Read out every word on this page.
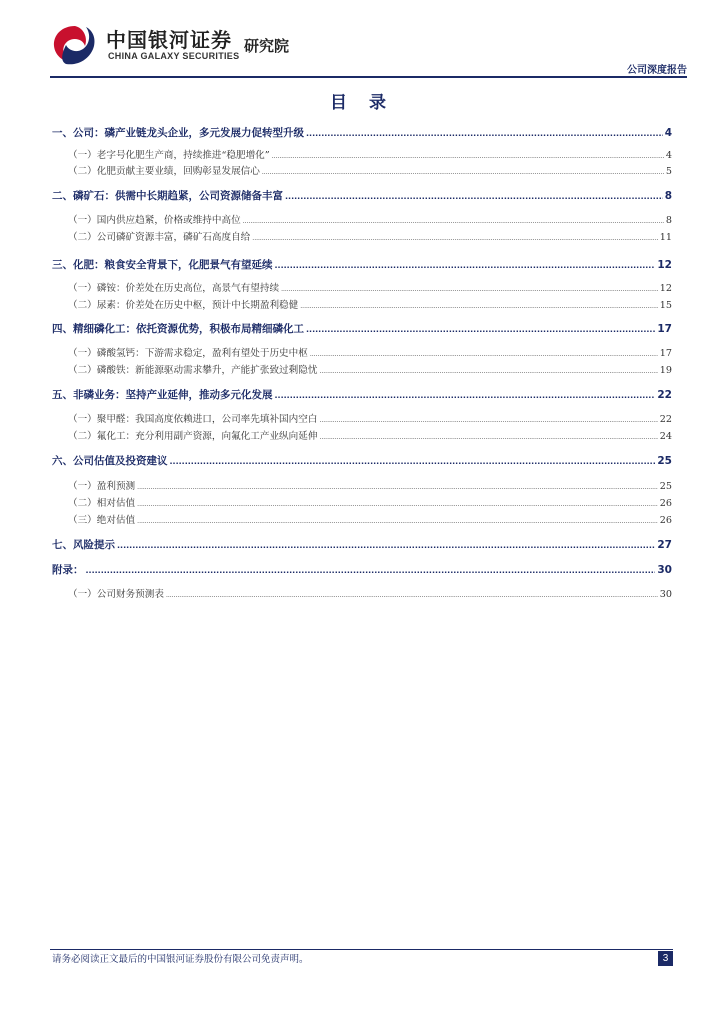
中国银河证券
CHINA GALAXY SECURITIES
研究院
公司深度报告
目 录
一、公司：磷产业链龙头企业，多元发展力促转型升级 .....	4
（一）老字号化肥生产商，持续推进“稳肥增化” .....	4
（二）化肥贡献主要业绩，回购彰显发展信心 .....	5
二、磷矿石：供需中长期趋紧，公司资源储备丰富 .....	8
（一）国内供应趋紧，价格或维持中高位 .....	8
（二）公司磷矿资源丰富，磷矿石高度自给 .....	11
三、化肥：粮食安全背景下，化肥景气有望延续 .....	12
（一）磷铵：价差处在历史高位，高景气有望持续 .....	12
（二）尿素：价差处在历史中枢，预计中长期盈利稳健 .....	15
四、精细磷化工：依托资源优势，积极布局精细磷化工 .....	17
（一）磷酸氢钙：下游需求稳定，盈利有望处于历史中枢 .....	17
（二）磷酸铁：新能源驱动需求攀升，产能扩张致过剩隐忧 .....	19
五、非磷业务：坚持产业延伸，推动多元化发展 .....	22
（一）聚甲醛：我国高度依赖进口，公司率先填补国内空白 .....	22
（二）氟化工：充分利用副产资源，向氟化工产业纵向延伸 .....	24
六、公司估值及投资建议 .....	25
（一）盈利预测 .....	25
（二）相对估值 .....	26
（三）绝对估值 .....	26
七、风险提示 .....	27
附录： .....	30
（一）公司财务预测表 .....	30
请务必阅读正文最后的中国银河证券股份有限公司免责声明。	3
